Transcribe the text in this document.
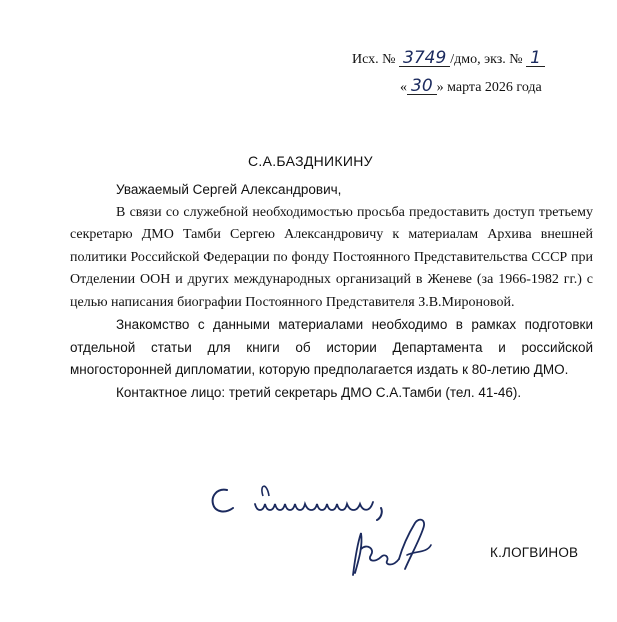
Исх. № 3749 /дмо, экз. № 1
« 30 » марта 2026 года
С.А.БАЗДНИКИНУ

Уважаемый Сергей Александрович,

В связи со служебной необходимостью просьба предоставить доступ третьему секретарю ДМО Тамби Сергею Александровичу к материалам Архива внешней политики Российской Федерации по фонду Постоянного Представительства СССР при Отделении ООН и других международных организаций в Женеве (за 1966-1982 гг.) с целью написания биографии Постоянного Представителя З.В.Мироновой.

Знакомство с данными материалами необходимо в рамках подготовки отдельной статьи для книги об истории Департамента и российской многосторонней дипломатии, которую предполагается издать к 80-летию ДМО.

Контактное лицо: третий секретарь ДМО С.А.Тамби (тел. 41-46).

К.ЛОГВИНОВ
